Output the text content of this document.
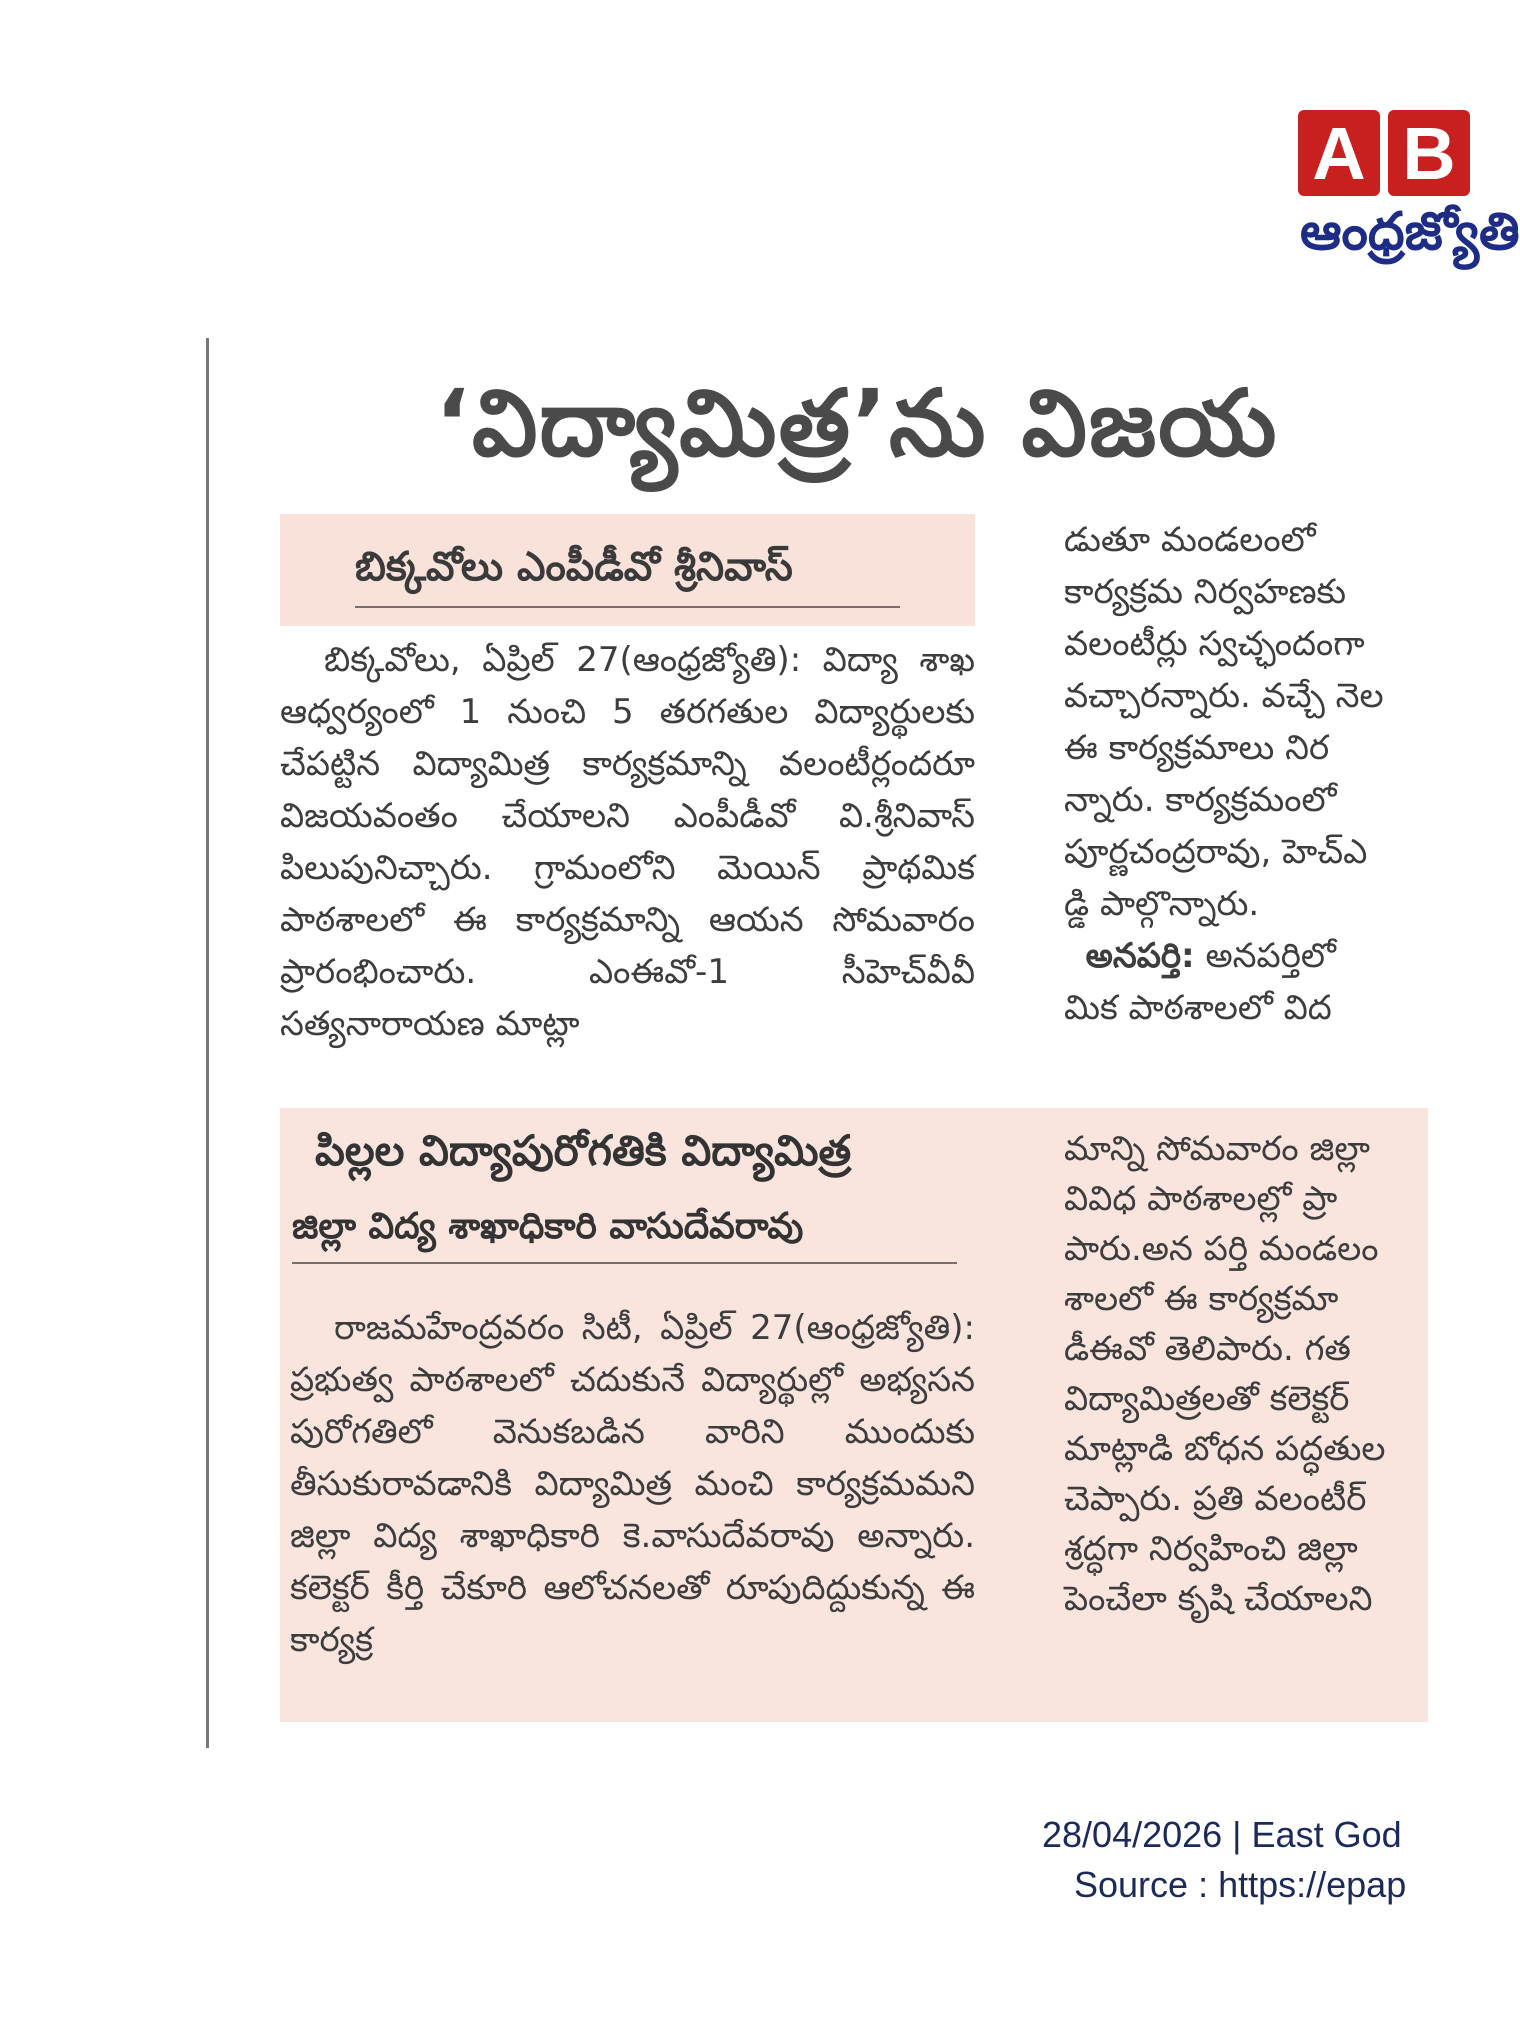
A B
ఆంధ్రజ్యోతి
‘విద్యామిత్ర’ను విజయ
బిక్కవోలు ఎంపీడీవో శ్రీనివాస్

బిక్కవోలు, ఏప్రిల్ 27(ఆంధ్రజ్యోతి): విద్యా శాఖ ఆధ్వర్యంలో 1 నుంచి 5 తరగతుల విద్యార్థులకు చేపట్టిన విద్యామిత్ర కార్యక్రమాన్ని వలంటీర్లందరూ విజయవంతం చేయాలని ఎంపీడీవో వి.శ్రీనివాస్ పిలుపునిచ్చారు. గ్రామంలోని మెయిన్ ప్రాథమిక పాఠశాలలో ఈ కార్యక్రమాన్ని ఆయన సోమవారం ప్రారంభించారు. ఎంఈవో-1 సీహెచ్‌వీవీ సత్యనారాయణ మాట్లా

డుతూ మండలంలో
కార్యక్రమ నిర్వహణకు
వలంటీర్లు స్వచ్ఛందంగా
వచ్చారన్నారు. వచ్చే నెల
ఈ కార్యక్రమాలు నిర
న్నారు. కార్యక్రమంలో
పూర్ణచంద్రరావు, హెచ్ఎ
డ్డి పాల్గొన్నారు.
అనపర్తి: అనపర్తిలో
మిక పాఠశాలలో విద
పిల్లల విద్యాపురోగతికి విద్యామిత్ర
జిల్లా విద్య శాఖాధికారి వాసుదేవరావు

రాజమహేంద్రవరం సిటీ, ఏప్రిల్ 27(ఆంధ్రజ్యోతి): ప్రభుత్వ పాఠశాలలో చదుకునే విద్యార్థుల్లో అభ్యసన పురోగతిలో వెనుకబడిన వారిని ముందుకు తీసుకురావడానికి విద్యామిత్ర మంచి కార్యక్రమమని జిల్లా విద్య శాఖాధికారి కె.వాసుదేవరావు అన్నారు. కలెక్టర్ కీర్తి చేకూరి ఆలోచనలతో రూపుదిద్దుకున్న ఈ కార్యక్ర

మాన్ని సోమవారం జిల్లా
వివిధ పాఠశాలల్లో ప్రా
పారు.అన పర్తి మండలం
శాలలో ఈ కార్యక్రమా
డీఈవో తెలిపారు. గత
విద్యామిత్రలతో కలెక్టర్
మాట్లాడి బోధన పద్ధతుల
చెప్పారు. ప్రతి వలంటీర్
శ్రద్ధగా నిర్వహించి జిల్లా
పెంచేలా కృషి చేయాలని
28/04/2026 | East God
Source : https://epap
